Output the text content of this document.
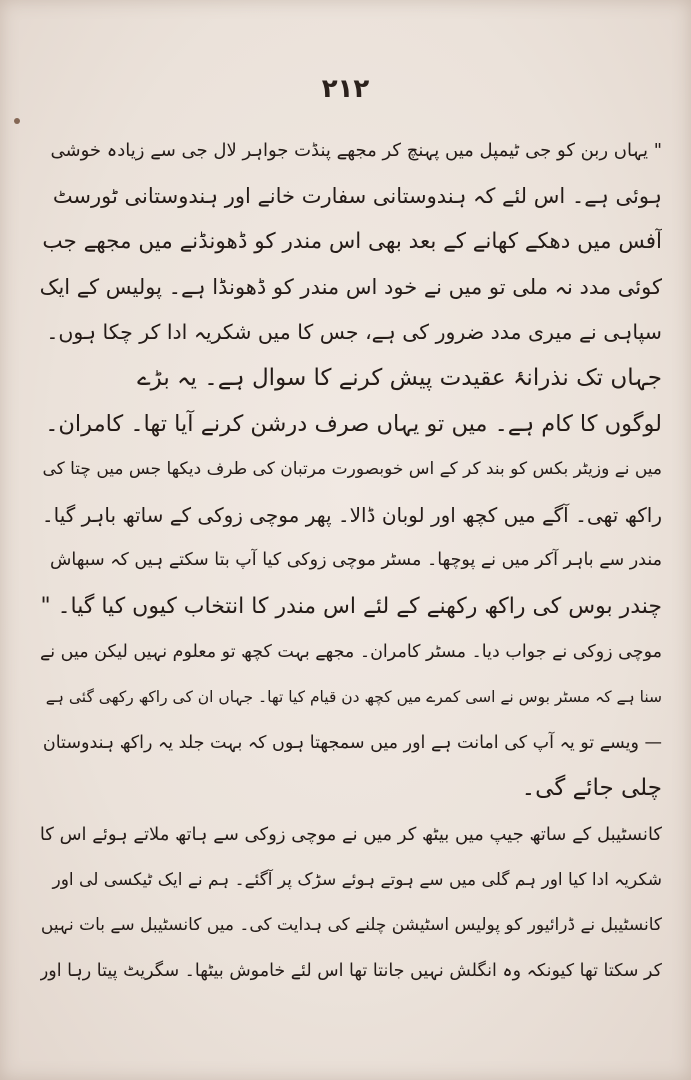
۲۱۲
" یہاں ربن کو جی ٹیمپل میں پہنچ کر مجھے پنڈت جواہر لال جی سے زیادہ خوشی
ہوئی ہے۔ اس لئے کہ ہندوستانی سفارت خانے اور ہندوستانی ٹورسٹ
آفس میں دھکے کھانے کے بعد بھی اس مندر کو ڈھونڈنے میں مجھے جب
کوئی مدد نہ ملی تو میں نے خود اس مندر کو ڈھونڈا ہے۔ پولیس کے ایک
سپاہی نے میری مدد ضرور کی ہے، جس کا میں شکریہ ادا کر چکا ہوں۔
جہاں تک نذرانۂ عقیدت پیش کرنے کا سوال ہے۔ یہ بڑے
لوگوں کا کام ہے۔ میں تو یہاں صرف درشن کرنے آیا تھا۔ کامران۔
میں نے وزیٹر بکس کو بند کر کے اس خوبصورت مرتبان کی طرف دیکھا جس میں چتا کی
راکھ تھی۔ آگے میں کچھ اور لوبان ڈالا۔ پھر موچی زوکی کے ساتھ باہر گیا۔
مندر سے باہر آکر میں نے پوچھا۔ مسٹر موچی زوکی کیا آپ بتا سکتے ہیں کہ سبھاش
چندر بوس کی راکھ رکھنے کے لئے اس مندر کا انتخاب کیوں کیا گیا۔ "
موچی زوکی نے جواب دیا۔ مسٹر کامران۔ مجھے بہت کچھ تو معلوم نہیں لیکن میں نے
سنا ہے کہ مسٹر بوس نے اسی کمرے میں کچھ دن قیام کیا تھا۔ جہاں ان کی راکھ رکھی گئی ہے
— ویسے تو یہ آپ کی امانت ہے اور میں سمجھتا ہوں کہ بہت جلد یہ راکھ ہندوستان
چلی جائے گی۔
کانسٹیبل کے ساتھ جیپ میں بیٹھ کر میں نے موچی زوکی سے ہاتھ ملاتے ہوئے اس کا
شکریہ ادا کیا اور ہم گلی میں سے ہوتے ہوئے سڑک پر آگئے۔ ہم نے ایک ٹیکسی لی اور
کانسٹیبل نے ڈرائیور کو پولیس اسٹیشن چلنے کی ہدایت کی۔ میں کانسٹیبل سے بات نہیں
کر سکتا تھا کیونکہ وہ انگلش نہیں جانتا تھا اس لئے خاموش بیٹھا۔ سگریٹ پیتا رہا اور
